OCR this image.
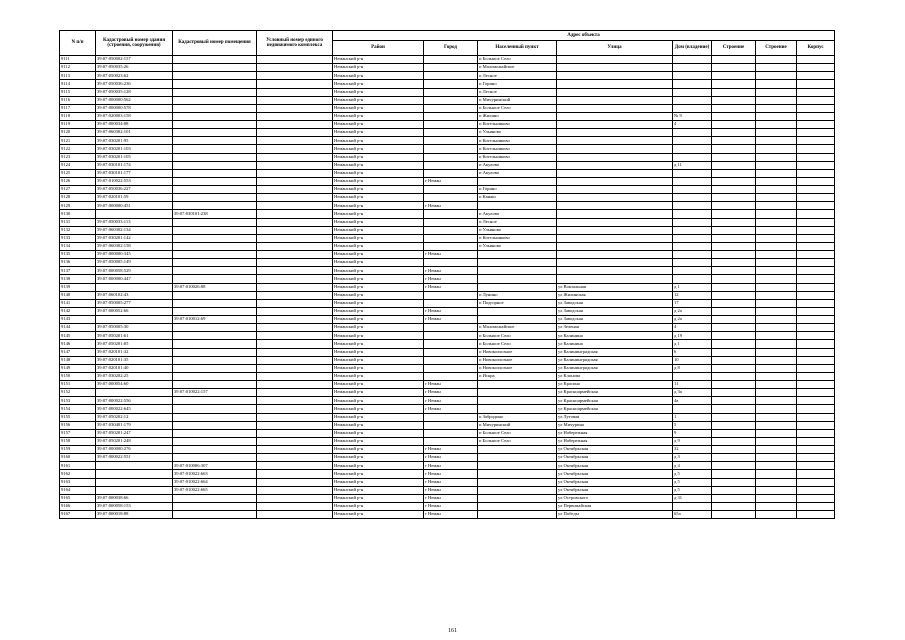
N п/п	Кадастровый номер здания (строения, сооружения)	Кадастровый номер помещения	Условный номер единого недвижимого комплекса	Адрес объекта							
				Район	Город	Населенный пункт	Улица	Дом (владение)	Строение	Строение	Корпус
9111	39:07:050002:157			Неманский р-н		п Большое Село					
9112	39:07:050035:26			Неманский р-н		п Маломожайское					
9113	39:07:050023:62			Неманский р-н		п Лесное					
9114	39:07:050036:236			Неманский р-н		п Горино					
9115	39:07:050035:128			Неманский р-н		п Лесное					
9116	39:07:000000:562			Неманский р-н		п Мичуринский					
9117	39:07:000000:578			Неманский р-н		п Большое Село					
9118	39:07:020003:158			Неманский р-н		п Жилино		№ 9			
9119	39:07:000034:88			Неманский р-н		п Котельниково		4			
9120	39:07:060302:101			Неманский р-н		п Ульяново					
9121	39:07:030201:95			Неманский р-н		п Котельниково					
9122	39:07:030201:103			Неманский р-н		п Котельниково					
9123	39:07:030201:105			Неманский р-н		п Котельниково					
9124	39:07:030101:174			Неманский р-н		п Акулово		д 11			
9125	39:07:030101:177			Неманский р-н		п Акулово					
9126	39:07:010022:553			Неманский р-н	г Неман						
9127	39:07:050036:227			Неманский р-н		п Горино					
9128	39:07:020101:59			Неманский р-н		п Канаш					
9129	39:07:000000:451			Неманский р-н	г Неман						
9130		39:07:030101:238		Неманский р-н		п Акулово					
9131	39:07:050033:113			Неманский р-н		п Лесное					
9132	39:07:060302:134			Неманский р-н		п Ульяново					
9133	39:07:030201:142			Неманский р-н		п Котельниково					
9134	39:07:060302:158			Неманский р-н		п Ульяново					
9135	39:07:000000:345			Неманский р-н	г Неман						
9136	39:07:050005:149			Неманский р-н							
9137	39:07:000058:529			Неманский р-н	г Неман						
9138	39:07:000000:447			Неманский р-н	г Неман						
9139		39:07:010026:88		Неманский р-н	г Неман		ул Вокзальная	д 1			
9140	39:07:060102:43			Неманский р-н		п Лунино	ул Жилинская	12			
9141	39:07:050005:277			Неманский р-н		п Подгорное	ул Заводская	17			
9142	39:07:000052:66			Неманский р-н	г Неман		ул Заводская	д 2а			
9143		39:07:010012:69		Неманский р-н	г Неман		ул Заводская	д 2а			
9144	39:07:050005:30			Неманский р-н		п Маломожайское	ул Зеленая	4			
9145	39:07:050201:61			Неманский р-н		п Большое Село	ул Калинина	д 19			
9146	39:07:050201:85			Неманский р-н		п Большое Село	ул Калинина	д 1			
9147	39:07:020101:32			Неманский р-н		п Новоколхозное	ул Калининградская	6			
9148	39:07:020101:35			Неманский р-н		п Новоколхозное	ул Калининградская	10			
9149	39:07:020101:40			Неманский р-н		п Новоколхозное	ул Калининградская	д 8			
9150	39:07:030202:25			Неманский р-н		п Искра	ул Клонова				
9151	39:07:000054:60			Неманский р-н	г Неман		ул Красина	11			
9152		39:07:010022:157		Неманский р-н	г Неман		ул Красноармейская	д 3а			
9153	39:07:000022:556			Неманский р-н	г Неман		ул Красноармейская	4а			
9154	39:07:000022:645			Неманский р-н	г Неман		ул Красноармейская				
9155	39:07:050202:12			Неманский р-н		п Забродино	ул Луговая	1			
9156	39:07:030401:179			Неманский р-н		п Мичуринский	ул Мичурина	5			
9157	39:07:050201:247			Неманский р-н		п Большое Село	ул Набережная	9			
9158	39:07:050201:248			Неманский р-н		п Большое Село	ул Набережная	д 9			
9159	39:07:000000:276			Неманский р-н	г Неман		ул Октябрьская	32			
9160	39:07:000022:551			Неманский р-н	г Неман		ул Октябрьская	д 3			
9161		39:07:010006:307		Неманский р-н	г Неман		ул Октябрьская	д 4			
9162		39:07:010022:663		Неманский р-н	г Неман		ул Октябрьская	д 5			
9163		39:07:010022:664		Неманский р-н	г Неман		ул Октябрьская	д 5			
9164		39:07:010022:665		Неманский р-н	г Неман		ул Октябрьская	д 5			
9165	39:07:000038:66			Неманский р-н	г Неман		ул Островского	д 31			
9166	39:07:000058:153			Неманский р-н	г Неман		ул Первомайская				
9167	39:07:000018:88			Неманский р-н	г Неман		ул Победы	65а			
161
